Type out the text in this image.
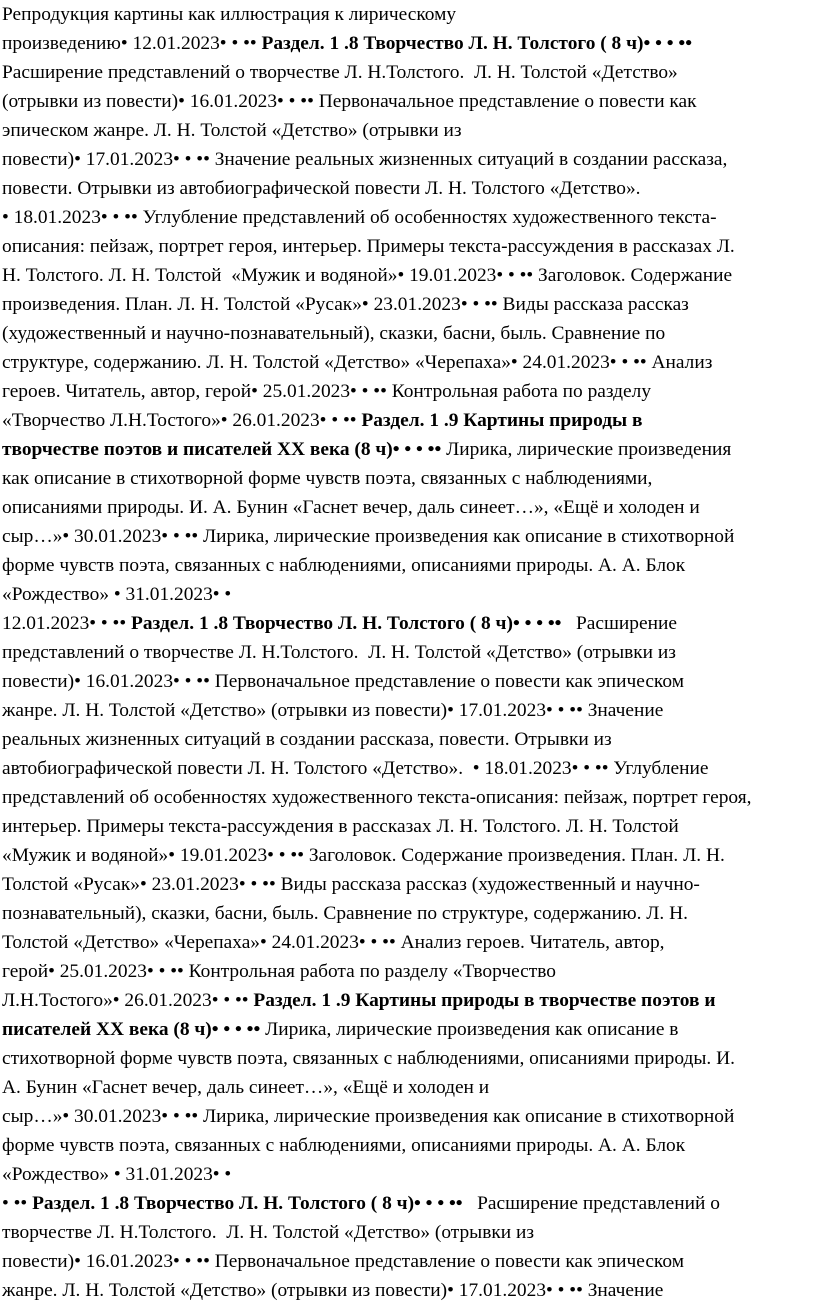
Репродукция картины как иллюстрация к лирическому
произведению• 12.01.2023• • •• Раздел. 1 .8 Творчество Л. Н. Толстого ( 8 ч)• • • ••
Расширение представлений о творчестве Л. Н.Толстого.  Л. Н. Толстой «Детство»
(отрывки из повести)• 16.01.2023• • •• Первоначальное представление о повести как
эпическом жанре. Л. Н. Толстой «Детство» (отрывки из
повести)• 17.01.2023• • •• Значение реальных жизненных ситуаций в создании рассказа,
повести. Отрывки из автобиографической повести Л. Н. Толстого «Детство».
• 18.01.2023• • •• Углубление представлений об особенностях художественного текста-
описания: пейзаж, портрет героя, интерьер. Примеры текста-рассуждения в рассказах Л.
Н. Толстого. Л. Н. Толстой  «Мужик и водяной»• 19.01.2023• • •• Заголовок. Содержание
произведения. План. Л. Н. Толстой «Русак»• 23.01.2023• • •• Виды рассказа рассказ
(художественный и научно-познавательный), сказки, басни, быль. Сравнение по
структуре, содержанию. Л. Н. Толстой «Детство» «Черепаха»• 24.01.2023• • •• Анализ
героев. Читатель, автор, герой• 25.01.2023• • •• Контрольная работа по разделу
«Творчество Л.Н.Тостого»• 26.01.2023• • •• Раздел. 1 .9 Картины природы в
творчестве поэтов и писателей XX века (8 ч)• • • •• Лирика, лирические произведения
как описание в стихотворной форме чувств поэта, связанных с наблюдениями,
описаниями природы. И. А. Бунин «Гаснет вечер, даль синеет…», «Ещё и холоден и
сыр…»• 30.01.2023• • •• Лирика, лирические произведения как описание в стихотворной
форме чувств поэта, связанных с наблюдениями, описаниями природы. А. А. Блок
«Рождество» • 31.01.2023• •
12.01.2023• • •• Раздел. 1 .8 Творчество Л. Н. Толстого ( 8 ч)• • • ••   Расширение
представлений о творчестве Л. Н.Толстого.  Л. Н. Толстой «Детство» (отрывки из
повести)• 16.01.2023• • •• Первоначальное представление о повести как эпическом
жанре. Л. Н. Толстой «Детство» (отрывки из повести)• 17.01.2023• • •• Значение
реальных жизненных ситуаций в создании рассказа, повести. Отрывки из
автобиографической повести Л. Н. Толстого «Детство».  • 18.01.2023• • •• Углубление
представлений об особенностях художественного текста-описания: пейзаж, портрет героя,
интерьер. Примеры текста-рассуждения в рассказах Л. Н. Толстого. Л. Н. Толстой
«Мужик и водяной»• 19.01.2023• • •• Заголовок. Содержание произведения. План. Л. Н.
Толстой «Русак»• 23.01.2023• • •• Виды рассказа рассказ (художественный и научно-
познавательный), сказки, басни, быль. Сравнение по структуре, содержанию. Л. Н.
Толстой «Детство» «Черепаха»• 24.01.2023• • •• Анализ героев. Читатель, автор,
герой• 25.01.2023• • •• Контрольная работа по разделу «Творчество
Л.Н.Тостого»• 26.01.2023• • •• Раздел. 1 .9 Картины природы в творчестве поэтов и
писателей XX века (8 ч)• • • •• Лирика, лирические произведения как описание в
стихотворной форме чувств поэта, связанных с наблюдениями, описаниями природы. И.
А. Бунин «Гаснет вечер, даль синеет…», «Ещё и холоден и
сыр…»• 30.01.2023• • •• Лирика, лирические произведения как описание в стихотворной
форме чувств поэта, связанных с наблюдениями, описаниями природы. А. А. Блок
«Рождество» • 31.01.2023• •
• •• Раздел. 1 .8 Творчество Л. Н. Толстого ( 8 ч)• • • ••   Расширение представлений о
творчестве Л. Н.Толстого.  Л. Н. Толстой «Детство» (отрывки из
повести)• 16.01.2023• • •• Первоначальное представление о повести как эпическом
жанре. Л. Н. Толстой «Детство» (отрывки из повести)• 17.01.2023• • •• Значение
